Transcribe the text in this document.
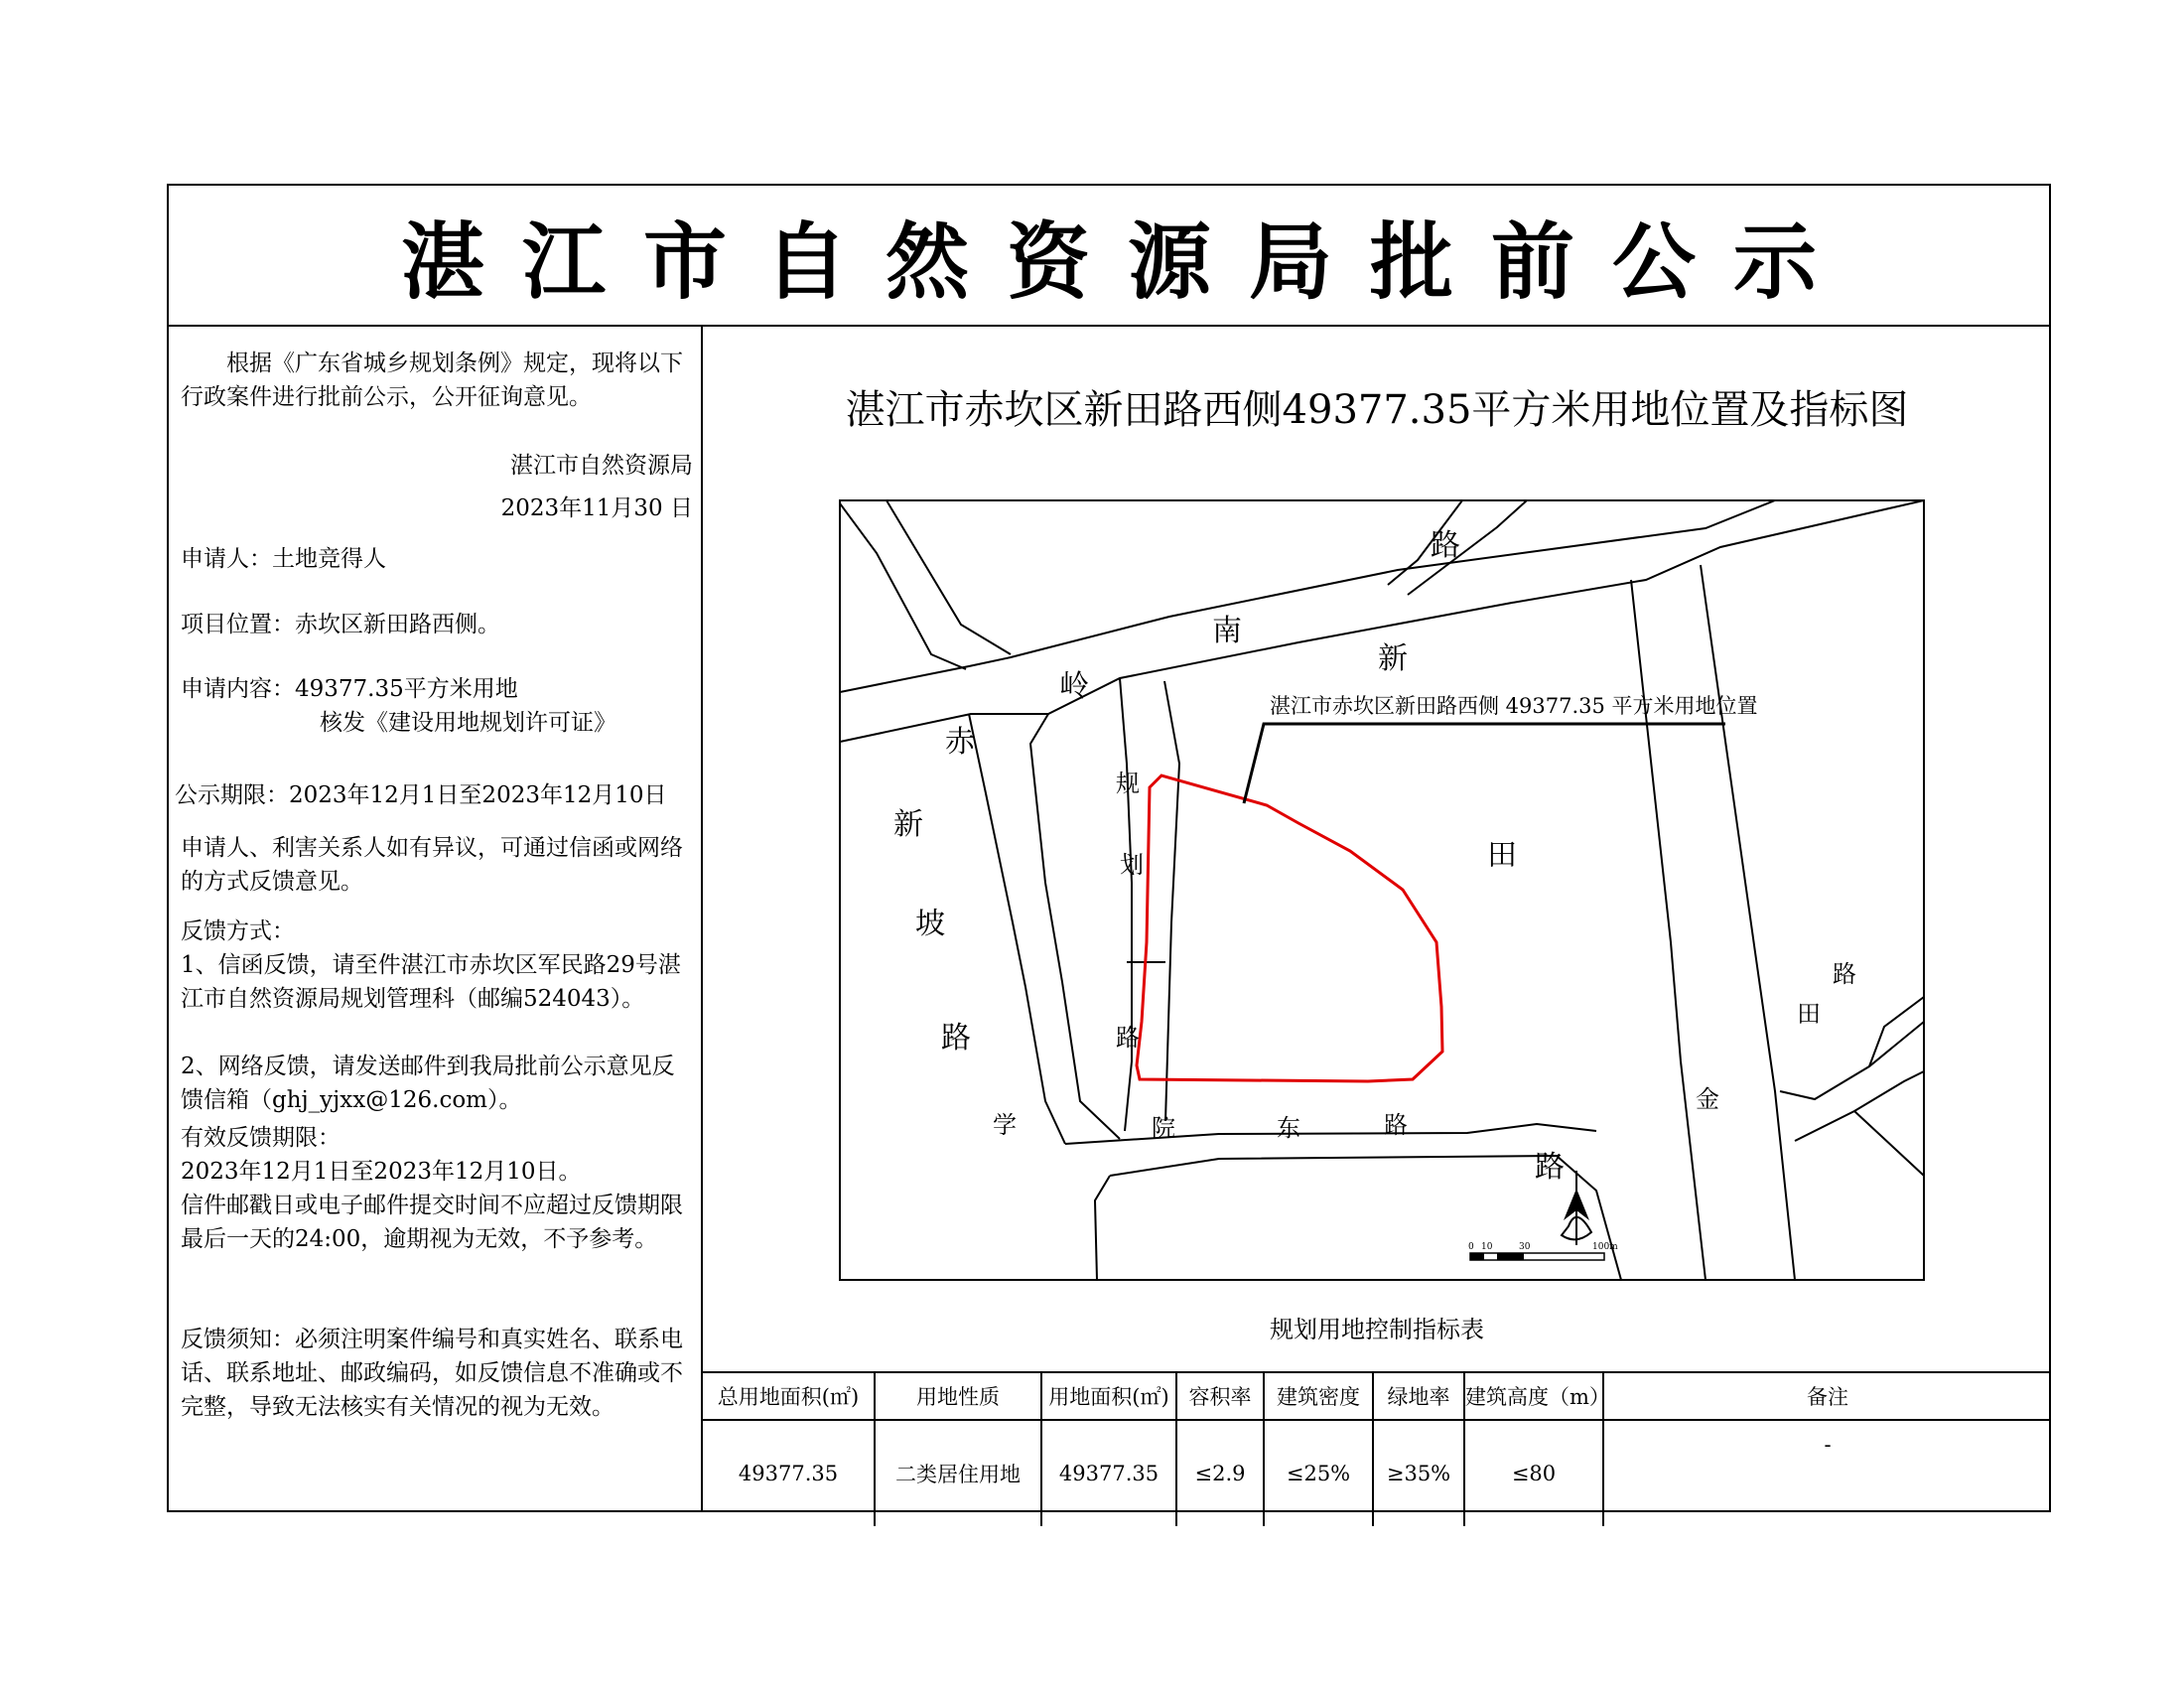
湛江市自然资源局批前公示
根据《广东省城乡规划条例》规定，现将以下行政案件进行批前公示，公开征询意见。
湛江市自然资源局
2023年11月30 日
申请人：土地竞得人
项目位置：赤坎区新田路西侧。
申请内容：49377.35平方米用地
核发《建设用地规划许可证》
公示期限：2023年12月1日至2023年12月10日
申请人、利害关系人如有异议，可通过信函或网络的方式反馈意见。
反馈方式：
1、信函反馈，请至件湛江市赤坎区军民路29号湛江市自然资源局规划管理科（邮编524043）。
2、网络反馈，请发送邮件到我局批前公示意见反馈信箱（ghj_yjxx@126.com）。
有效反馈期限：
2023年12月1日至2023年12月10日。
信件邮戳日或电子邮件提交时间不应超过反馈期限最后一天的24:00，逾期视为无效，不予参考。
反馈须知：必须注明案件编号和真实姓名、联系电话、联系地址、邮政编码，如反馈信息不准确或不完整，导致无法核实有关情况的视为无效。
湛江市赤坎区新田路西侧49377.35平方米用地位置及指标图
湛江市赤坎区新田路西侧 49377.35 平方米用地位置
赤
岭
南
路
新
田
路
新
坡
路
规
划
路
学	院	东	路
金
田
路
0 10	30	100m
规划用地控制指标表
总用地面积(㎡)	用地性质	用地面积(㎡)	容积率	建筑密度	绿地率	建筑高度（m）	备注
49377.35	二类居住用地	49377.35	≤2.9	≤25%	≥35%	≤80	-
